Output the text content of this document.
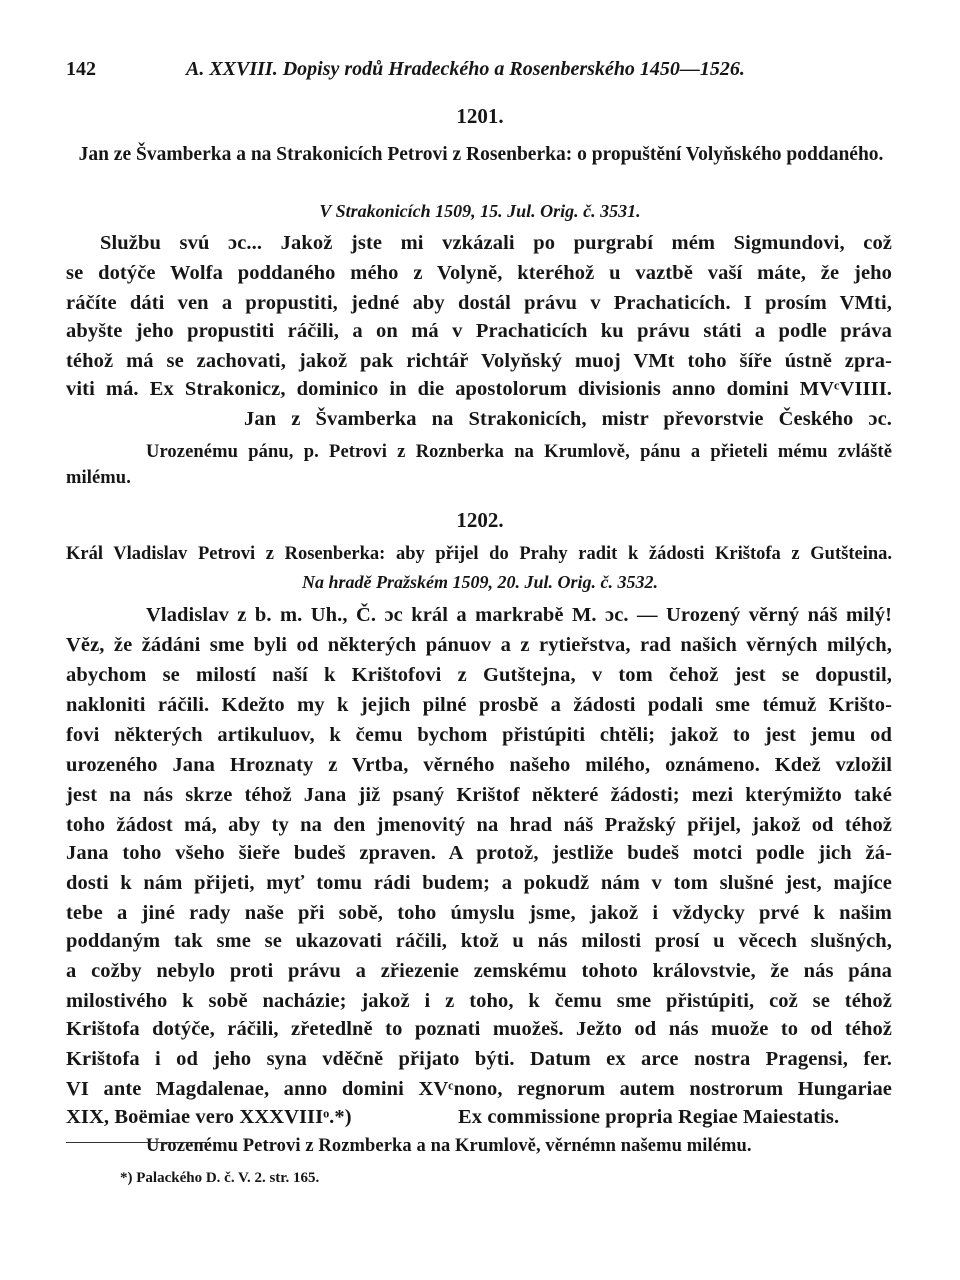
142	A. XXVIII. Dopisy rodů Hradeckého a Rosenberského 1450—1526.
1201.
Jan ze Švamberka a na Strakonicích Petrovi z Rosenberka: o propuštění Volyňského poddaného.
V Strakonicích 1509, 15. Jul. Orig. č. 3531.
Službu svú ɔc... Jakož jste mi vzkázali po purgrabí mém Sigmundovi, což
se dotýče Wolfa poddaného mého z Volyně, kteréhož u vaztbě vaší máte, že jeho
ráčíte dáti ven a propustiti, jedné aby dostál právu v Prachaticích. I prosím VMti,
abyšte jeho propustiti ráčili, a on má v Prachaticích ku právu státi a podle práva
téhož má se zachovati, jakož pak richtář Volyňský muoj VMt toho šíře ústně zpra-
viti má. Ex Strakonicz, dominico in die apostolorum divisionis anno domini MVᶜVIIII.
Jan z Švamberka na Strakonicích, mistr převorstvie Českého ɔc.
Urozenému pánu, p. Petrovi z Roznberka na Krumlově, pánu a přieteli mému zvláště
milému.
1202.
Král Vladislav Petrovi z Rosenberka: aby přijel do Prahy radit k žádosti Krištofa z Gutšteina.
Na hradě Pražském 1509, 20. Jul. Orig. č. 3532.
Vladislav z b. m. Uh., Č. ɔc král a markrabě M. ɔc. — Urozený věrný náš milý!
Věz, že žádáni sme byli od některých pánuov a z rytieřstva, rad našich věrných milých,
abychom se milostí naší k Krištofovi z Gutštejna, v tom čehož jest se dopustil,
nakloniti ráčili. Kdežto my k jejich pilné prosbě a žádosti podali sme témuž Krišto-
fovi některých artikuluov, k čemu bychom přistúpiti chtěli; jakož to jest jemu od
urozeného Jana Hroznaty z Vrtba, věrného našeho milého, oznámeno. Kdež vzložil
jest na nás skrze téhož Jana již psaný Krištof některé žádosti; mezi kterýmižto také
toho žádost má, aby ty na den jmenovitý na hrad náš Pražský přijel, jakož od téhož
Jana toho všeho šieře budeš zpraven. A protož, jestliže budeš motci podle jich žá-
dosti k nám přijeti, myť tomu rádi budem; a pokudž nám v tom slušné jest, majíce
tebe a jiné rady naše při sobě, toho úmyslu jsme, jakož i vždycky prvé k našim
poddaným tak sme se ukazovati ráčili, ktož u nás milosti prosí u věcech slušných,
a cožby nebylo proti právu a zřiezenie zemskému tohoto královstvie, že nás pána
milostivého k sobě nacházie; jakož i z toho, k čemu sme přistúpiti, což se téhož
Krištofa dotýče, ráčili, zřetedlně to poznati muožeš. Ježto od nás muože to od téhož
Krištofa i od jeho syna vděčně přijato býti. Datum ex arce nostra Pragensi, fer.
VI ante Magdalenae, anno domini XVᶜnono, regnorum autem nostrorum Hungariae
XIX, Boëmiae vero XXXVIIIᵒ.*)	Ex commissione propria Regiae Maiestatis.
Urozenému Petrovi z Rozmberka a na Krumlově, věrnémn našemu milému.
*) Palackého D. č. V. 2. str. 165.
